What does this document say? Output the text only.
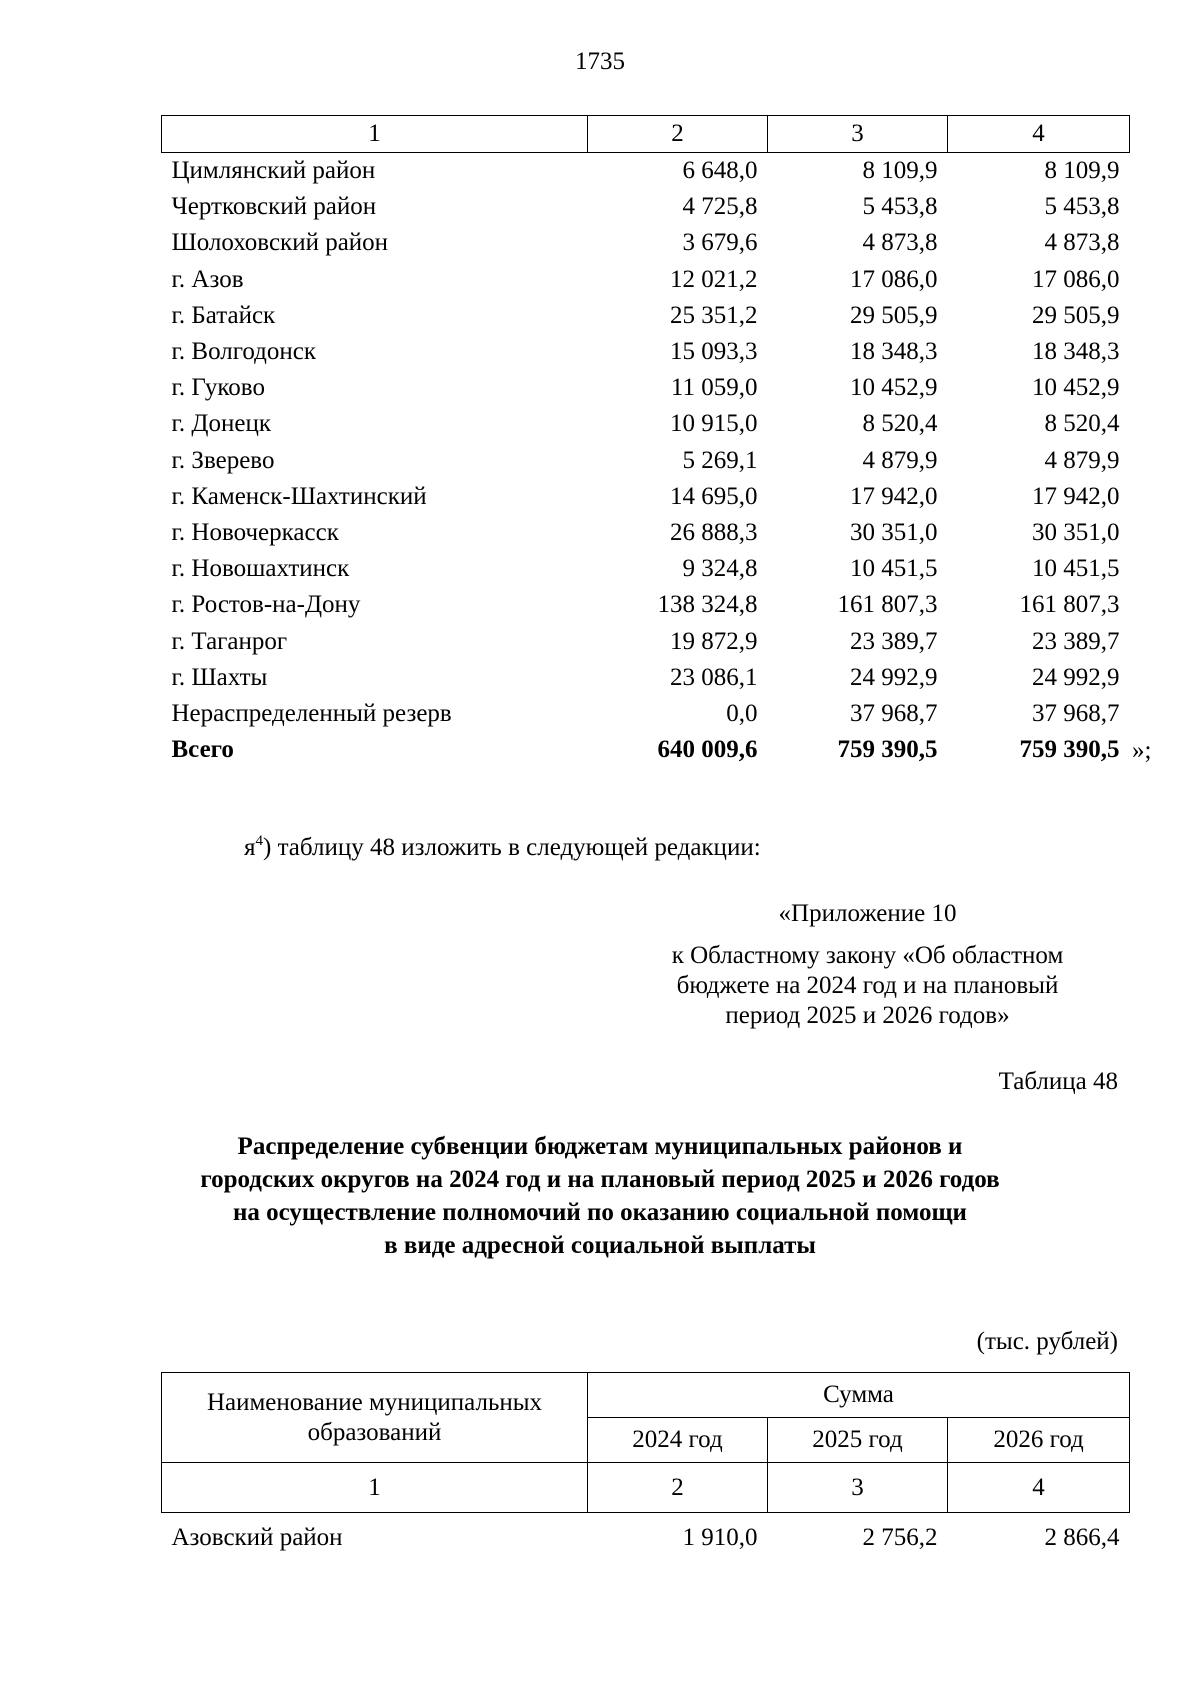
1735
1	2	3	4
Цимлянский район	6 648,0	8 109,9	8 109,9
Чертковский район	4 725,8	5 453,8	5 453,8
Шолоховский район	3 679,6	4 873,8	4 873,8
г. Азов	12 021,2	17 086,0	17 086,0
г. Батайск	25 351,2	29 505,9	29 505,9
г. Волгодонск	15 093,3	18 348,3	18 348,3
г. Гуково	11 059,0	10 452,9	10 452,9
г. Донецк	10 915,0	8 520,4	8 520,4
г. Зверево	5 269,1	4 879,9	4 879,9
г. Каменск-Шахтинский	14 695,0	17 942,0	17 942,0
г. Новочеркасск	26 888,3	30 351,0	30 351,0
г. Новошахтинск	9 324,8	10 451,5	10 451,5
г. Ростов-на-Дону	138 324,8	161 807,3	161 807,3
г. Таганрог	19 872,9	23 389,7	23 389,7
г. Шахты	23 086,1	24 992,9	24 992,9
Нераспределенный резерв	0,0	37 968,7	37 968,7
Всего	640 009,6	759 390,5	759 390,5 »;
$я^4$) таблицу 48 изложить в следующей редакции:
«Приложение 10
к Областному закону «Об областном
бюджете на 2024 год и на плановый
период 2025 и 2026 годов»
Таблица 48
Распределение субвенции бюджетам муниципальных районов и
городских округов на 2024 год и на плановый период 2025 и 2026 годов
на осуществление полномочий по оказанию социальной помощи
в виде адресной социальной выплаты
(тыс. рублей)
Наименование муниципальных образований	Сумма		
	2024 год	2025 год	2026 год
1	2	3	4
Азовский район	1 910,0	2 756,2	2 866,4
